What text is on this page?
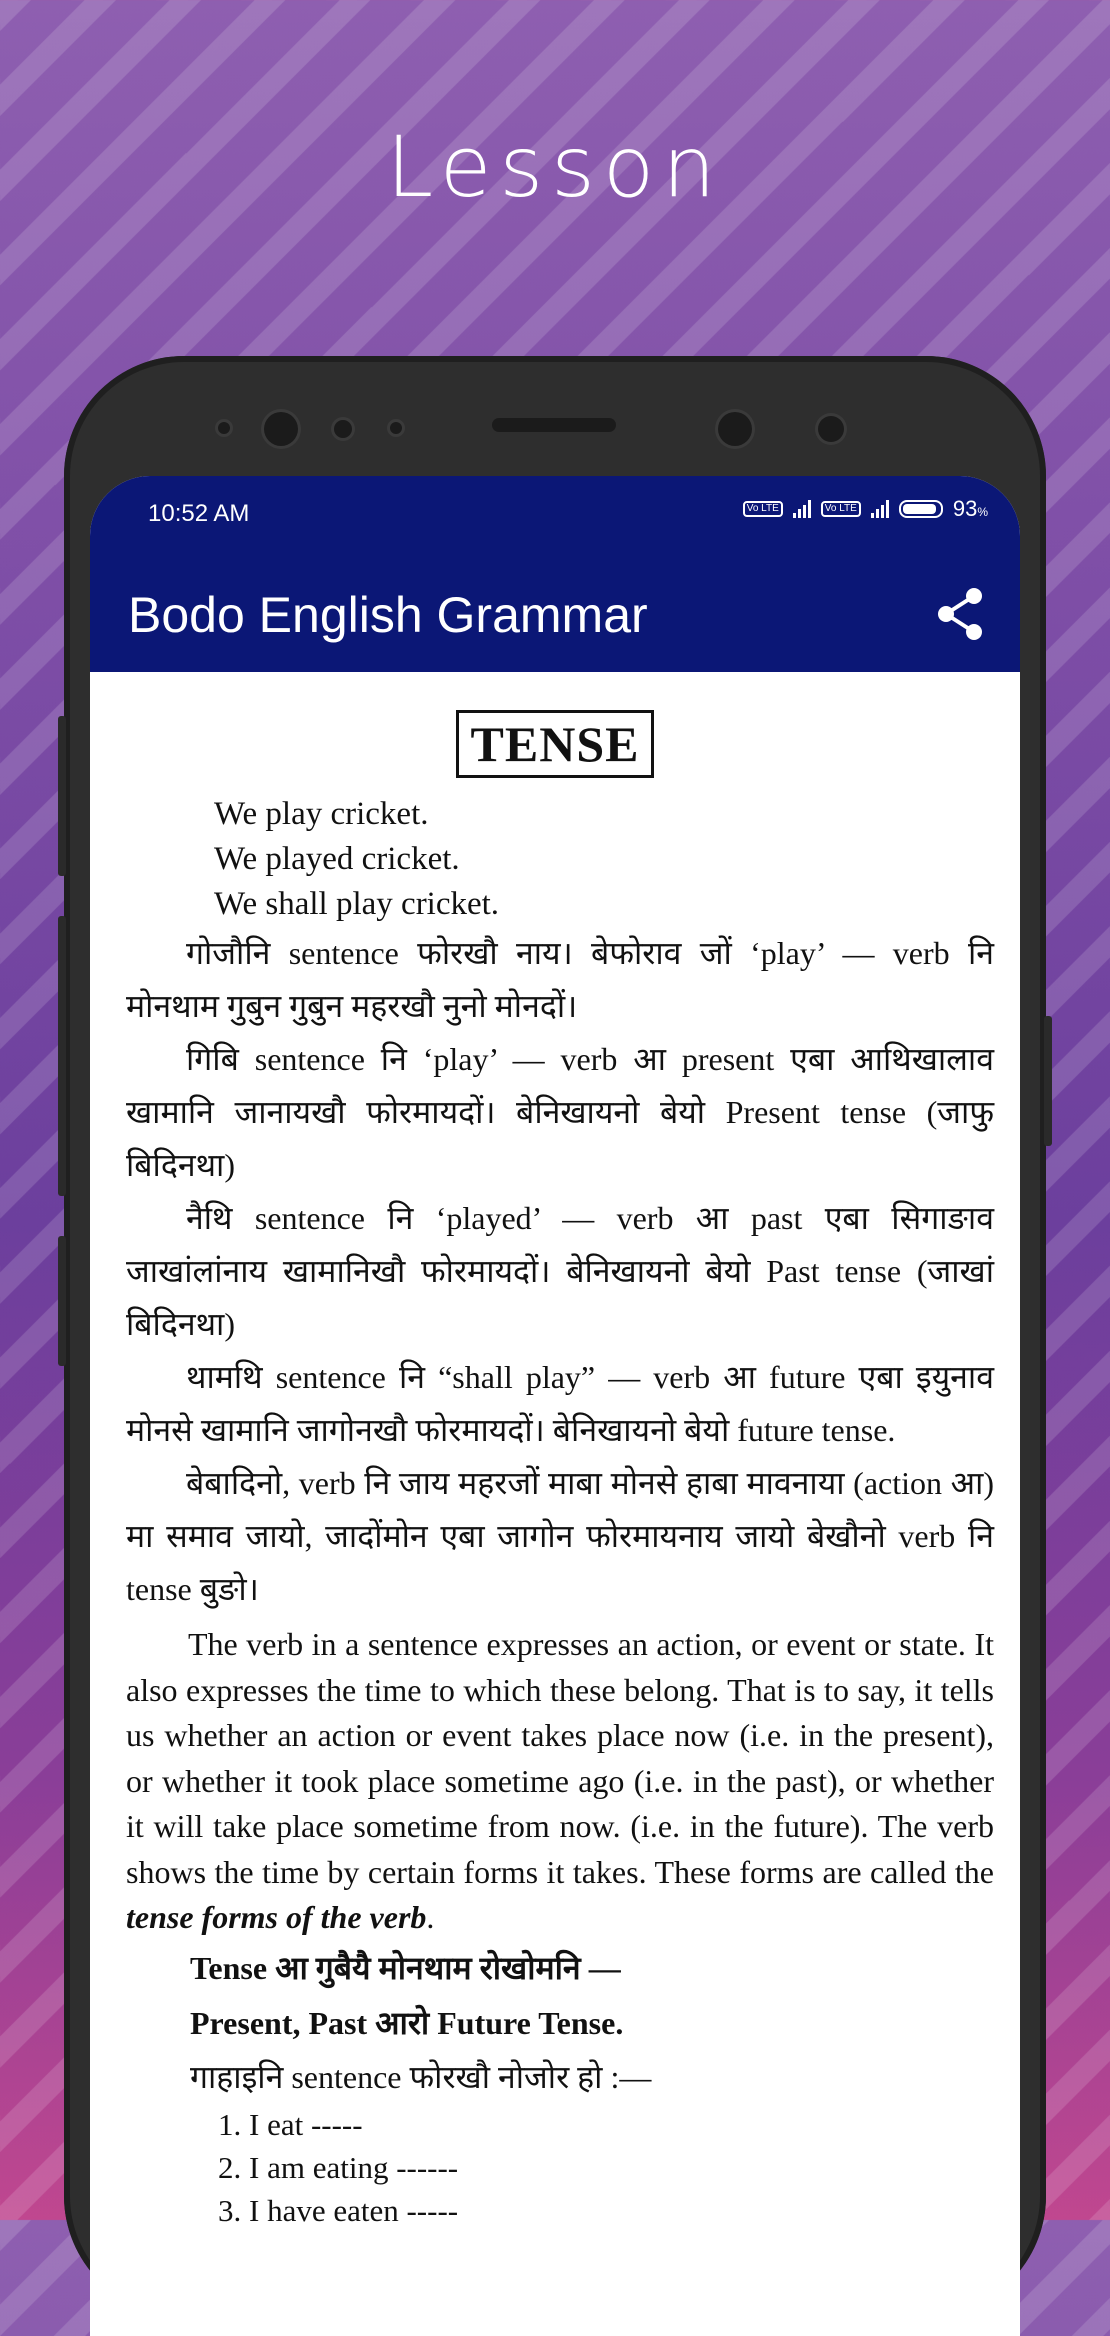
Lesson
10:52 AM	Vo LTE	Vo LTE	93%
Bodo English Grammar
TENSE
We play cricket.
We played cricket.
We shall play cricket.
गोजौनि sentence फोरखौ नाय। बेफोराव जों ‘play’ — verb नि मोनथाम गुबुन गुबुन महरखौ नुनो मोनदों।
गिबि sentence नि ‘play’ — verb आ present एबा आथिखालाव खामानि जानायखौ फोरमायदों। बेनिखायनो बेयो Present tense (जाफु बिदिनथा)
नैथि sentence नि ‘played’ — verb आ past एबा सिगाङाव जाखांलांनाय खामानिखौ फोरमायदों। बेनिखायनो बेयो Past tense (जाखां बिदिनथा)
थामथि sentence नि “shall play” — verb आ future एबा इयुनाव मोनसे खामानि जागोनखौ फोरमायदों। बेनिखायनो बेयो future tense.
बेबादिनो, verb नि जाय महरजों माबा मोनसे हाबा मावनाया (action आ) मा समाव जायो, जादोंमोन एबा जागोन फोरमायनाय जायो बेखौनो verb नि tense बुङो।
The verb in a sentence expresses an action, or event or state. It also expresses the time to which these belong. That is to say, it tells us whether an action or event takes place now (i.e. in the present), or whether it took place sometime ago (i.e. in the past), or whether it will take place sometime from now. (i.e. in the future). The verb shows the time by certain forms it takes. These forms are called the tense forms of the verb.
Tense आ गुबैयै मोनथाम रोखोमनि —
Present, Past आरो Future Tense.
गाहाइनि sentence फोरखौ नोजोर हो :—
1. I eat -----
2. I am eating ------
3. I have eaten -----
